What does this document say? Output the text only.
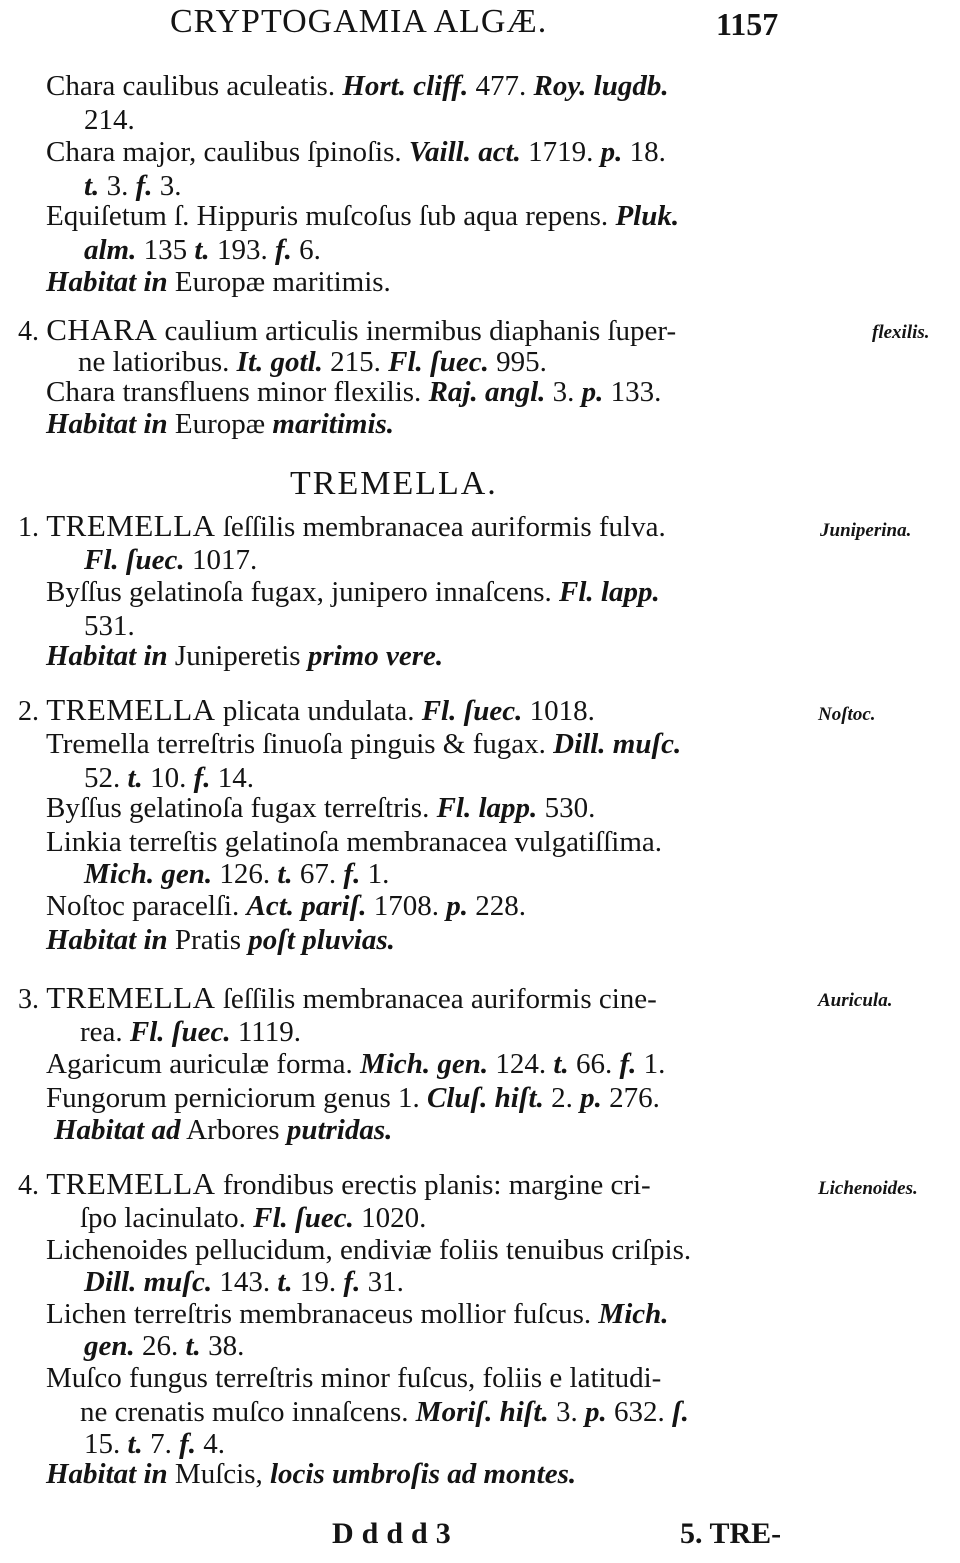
CRYPTOGAMIA ALGÆ.	1157
Chara caulibus aculeatis. Hort. cliff. 477. Roy. lugdb.
214.
Chara major, caulibus ſpinoſis. Vaill. act. 1719. p. 18.
t. 3. f. 3.
Equiſetum ſ. Hippuris muſcoſus ſub aqua repens. Pluk.
alm. 135 t. 193. f. 6.
Habitat in Europæ maritimis.
4. CHARA caulium articulis inermibus diaphanis ſuper-	flexilis.
ne latioribus. It. gotl. 215. Fl. ſuec. 995.
Chara transfluens minor flexilis. Raj. angl. 3. p. 133.
Habitat in Europæ maritimis.
TREMELLA.
1. TREMELLA ſeſſilis membranacea auriformis fulva.	Juniperina.
Fl. ſuec. 1017.
Byſſus gelatinoſa fugax, junipero innaſcens. Fl. lapp.
531.
Habitat in Juniperetis primo vere.
2. TREMELLA plicata undulata. Fl. ſuec. 1018.	Noſtoc.
Tremella terreſtris ſinuoſa pinguis & fugax. Dill. muſc.
52. t. 10. f. 14.
Byſſus gelatinoſa fugax terreſtris. Fl. lapp. 530.
Linkia terreſtis gelatinoſa membranacea vulgatiſſima.
Mich. gen. 126. t. 67. f. 1.
Noſtoc paracelſi. Act. pariſ. 1708. p. 228.
Habitat in Pratis poſt pluvias.
3. TREMELLA ſeſſilis membranacea auriformis cine-	Auricula.
rea. Fl. ſuec. 1119.
Agaricum auriculæ forma. Mich. gen. 124. t. 66. f. 1.
Fungorum perniciorum genus 1. Cluſ. hiſt. 2. p. 276.
Habitat ad Arbores putridas.
4. TREMELLA frondibus erectis planis: margine cri-	Lichenoides.
ſpo lacinulato. Fl. ſuec. 1020.
Lichenoides pellucidum, endiviæ foliis tenuibus criſpis.
Dill. muſc. 143. t. 19. f. 31.
Lichen terreſtris membranaceus mollior fuſcus. Mich.
gen. 26. t. 38.
Muſco fungus terreſtris minor fuſcus, foliis e latitudi-
ne crenatis muſco innaſcens. Moriſ. hiſt. 3. p. 632. ſ.
15. t. 7. f. 4.
Habitat in Muſcis, locis umbroſis ad montes.
Dddd3	5. TRE-
